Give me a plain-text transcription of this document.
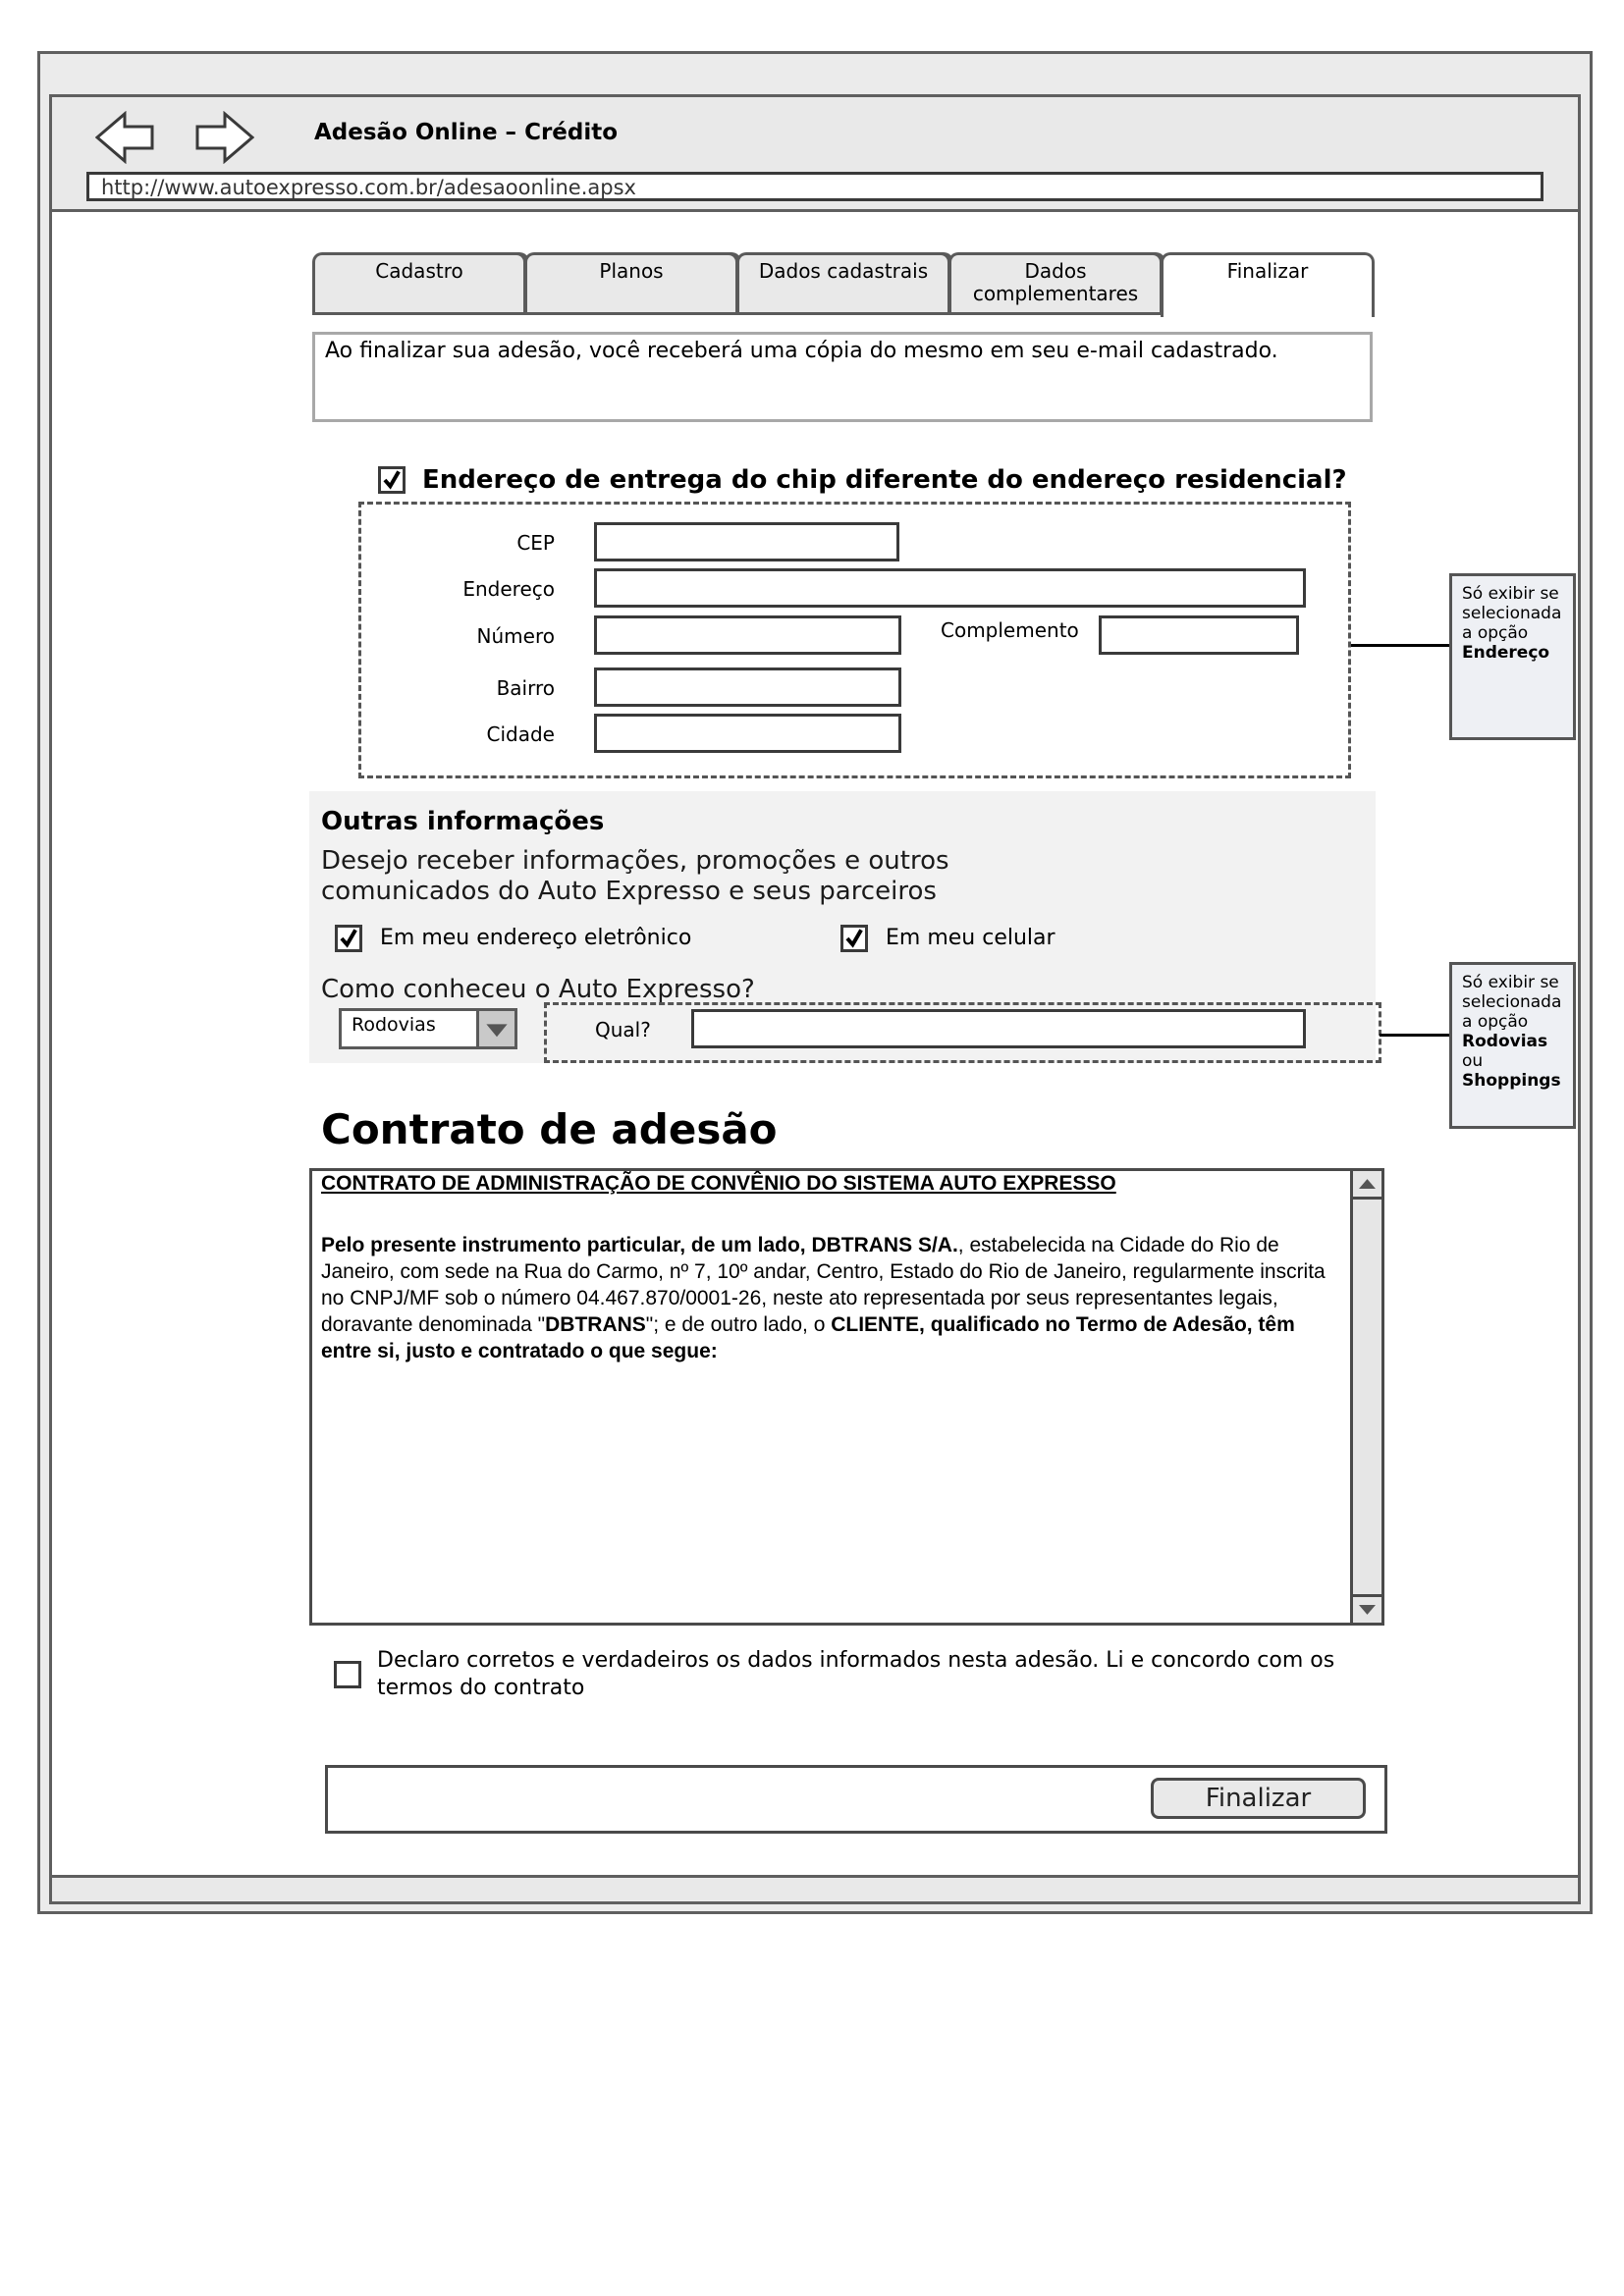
Adesão Online – Crédito
http://www.autoexpresso.com.br/adesaoonline.apsx
Cadastro	Planos	Dados cadastrais	Dados complementares
Finalizar
Ao finalizar sua adesão, você receberá uma cópia do mesmo em seu e-mail cadastrado.
Endereço de entrega do chip diferente do endereço residencial?
CEP
Endereço
Número	Complemento
Bairro
Cidade
Só exibir se selecionada a opção Endereço
Outras informações
Desejo receber informações, promoções e outros
comunicados do Auto Expresso e seus parceiros
Em meu endereço eletrônico	Em meu celular
Como conheceu o Auto Expresso?
Rodovias	Qual?
Só exibir se selecionada a opção Rodovias ou Shoppings
Contrato de adesão
CONTRATO DE ADMINISTRAÇÃO DE CONVÊNIO DO SISTEMA AUTO EXPRESSO
Pelo presente instrumento particular, de um lado, DBTRANS S/A., estabelecida na Cidade do Rio de Janeiro, com sede na Rua do Carmo, nº 7, 10º andar, Centro, Estado do Rio de Janeiro, regularmente inscrita no CNPJ/MF sob o número 04.467.870/0001-26, neste ato representada por seus representantes legais, doravante denominada "DBTRANS"; e de outro lado, o CLIENTE, qualificado no Termo de Adesão, têm entre si, justo e contratado o que segue:
Declaro corretos e verdadeiros os dados informados nesta adesão. Li e concordo com os termos do contrato
Finalizar
